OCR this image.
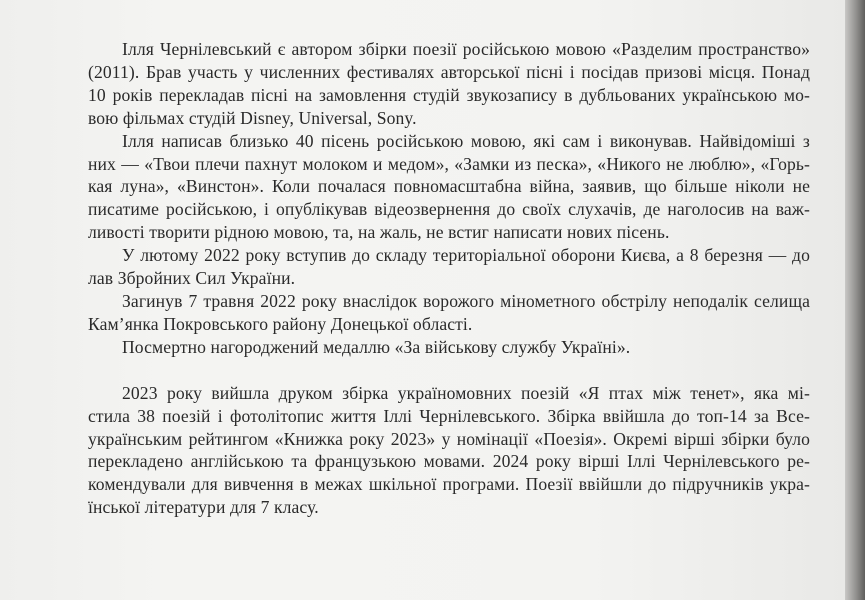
Ілля Чернілевський є автором збірки поезії російською мовою «Разделим пространство»
(2011). Брав участь у численних фестивалях авторської пісні і посідав призові місця. Понад
10 років перекладав пісні на замовлення студій звукозапису в дубльованих українською мо-
вою фільмах студій Disney, Universal, Sony.

Ілля написав близько 40 пісень російською мовою, які сам і виконував. Найвідоміші з
них — «Твои плечи пахнут молоком и медом», «Замки из песка», «Никого не люблю», «Горь-
кая луна», «Винстон». Коли почалася повномасштабна війна, заявив, що більше ніколи не
писатиме російською, і опублікував відеозвернення до своїх слухачів, де наголосив на важ-
ливості творити рідною мовою, та, на жаль, не встиг написати нових пісень.

У лютому 2022 року вступив до складу територіальної оборони Києва, а 8 березня — до
лав Збройних Сил України.

Загинув 7 травня 2022 року внаслідок ворожого мінометного обстрілу неподалік селища
Кам’янка Покровського району Донецької області.

Посмертно нагороджений медаллю «За військову службу Україні».

2023 року вийшла друком збірка україномовних поезій «Я птах між тенет», яка мі-
стила 38 поезій і фотолітопис життя Іллі Чернілевського. Збірка ввійшла до топ-14 за Все-
українським рейтингом «Книжка року 2023» у номінації «Поезія». Окремі вірші збірки було
перекладено англійською та французькою мовами. 2024 року вірші Іллі Чернілевського ре-
комендували для вивчення в межах шкільної програми. Поезії ввійшли до підручників укра-
їнської літератури для 7 класу.
